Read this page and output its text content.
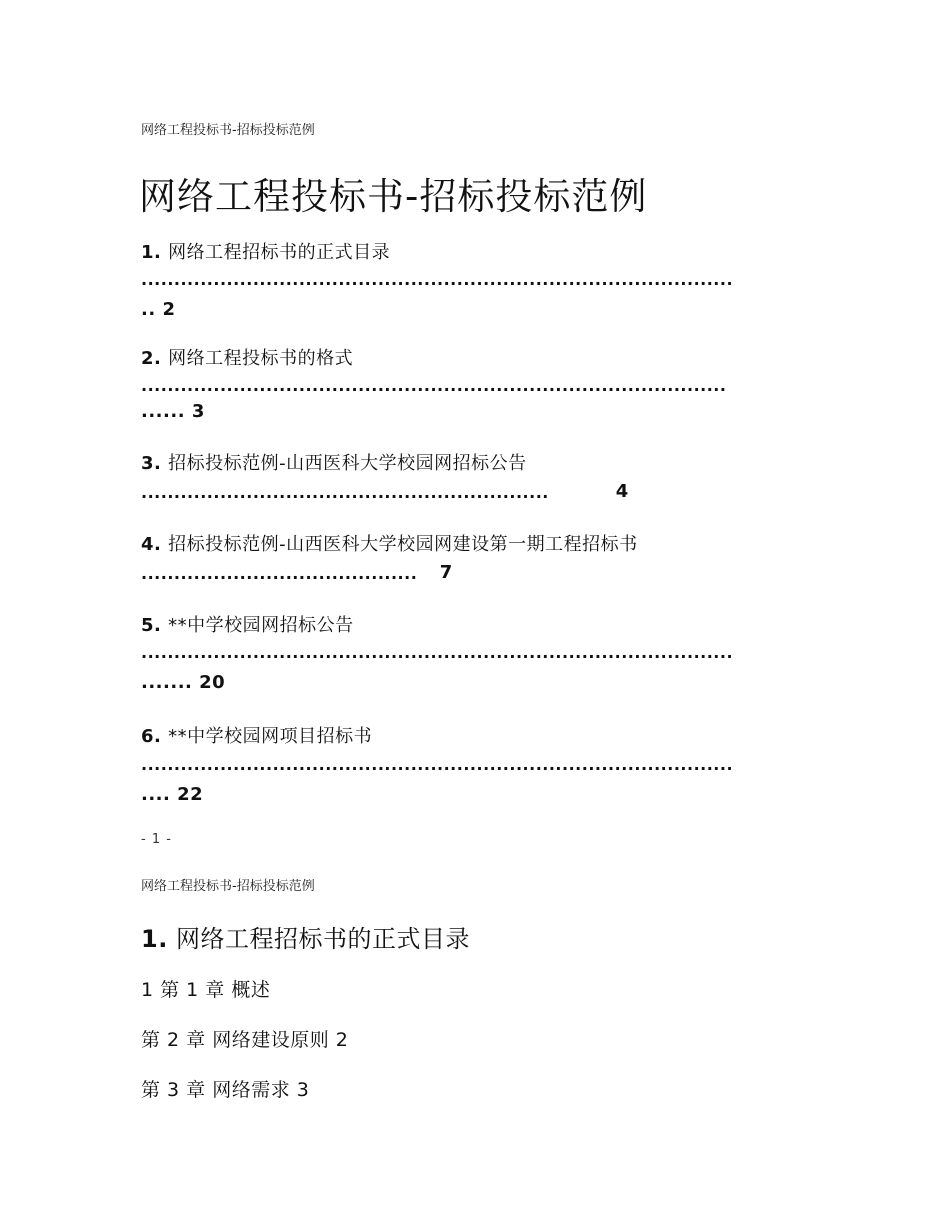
网络工程投标书-招标投标范例
网络工程投标书-招标投标范例
1. 网络工程招标书的正式目录
..........................................................................................
.. 2
2. 网络工程投标书的格式
.........................................................................................
...... 3
3. 招标投标范例-山西医科大学校园网招标公告
..............................................................	4
4. 招标投标范例-山西医科大学校园网建设第一期工程招标书
.......................................... 7
5. **中学校园网招标公告
..........................................................................................
....... 20
6. **中学校园网项目招标书
..........................................................................................
.... 22
- 1 -
网络工程投标书-招标投标范例
1. 网络工程招标书的正式目录
1 第 1 章 概述
第 2 章 网络建设原则 2
第 3 章 网络需求 3
